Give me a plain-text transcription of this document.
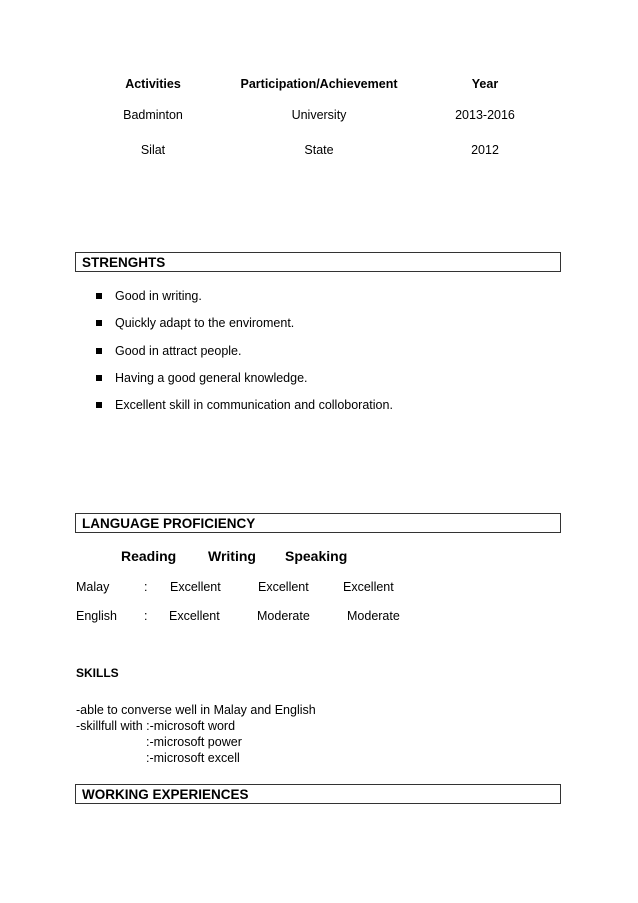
Activities	Participation/Achievement	Year
Badminton	University	2013-2016
Silat	State	2012
STRENGHTS
Good in writing.
Quickly adapt to the enviroment.
Good in attract people.
Having a good general knowledge.
Excellent skill in communication and colloboration.
LANGUAGE PROFICIENCY
Reading Writing Speaking
Malay	: Excellent	Excellent	Excellent
English : Excellent	Moderate	Moderate
SKILLS
-able to converse well in Malay and English
-skillfull with :-microsoft word
:-microsoft power
:-microsoft excell
WORKING EXPERIENCES
